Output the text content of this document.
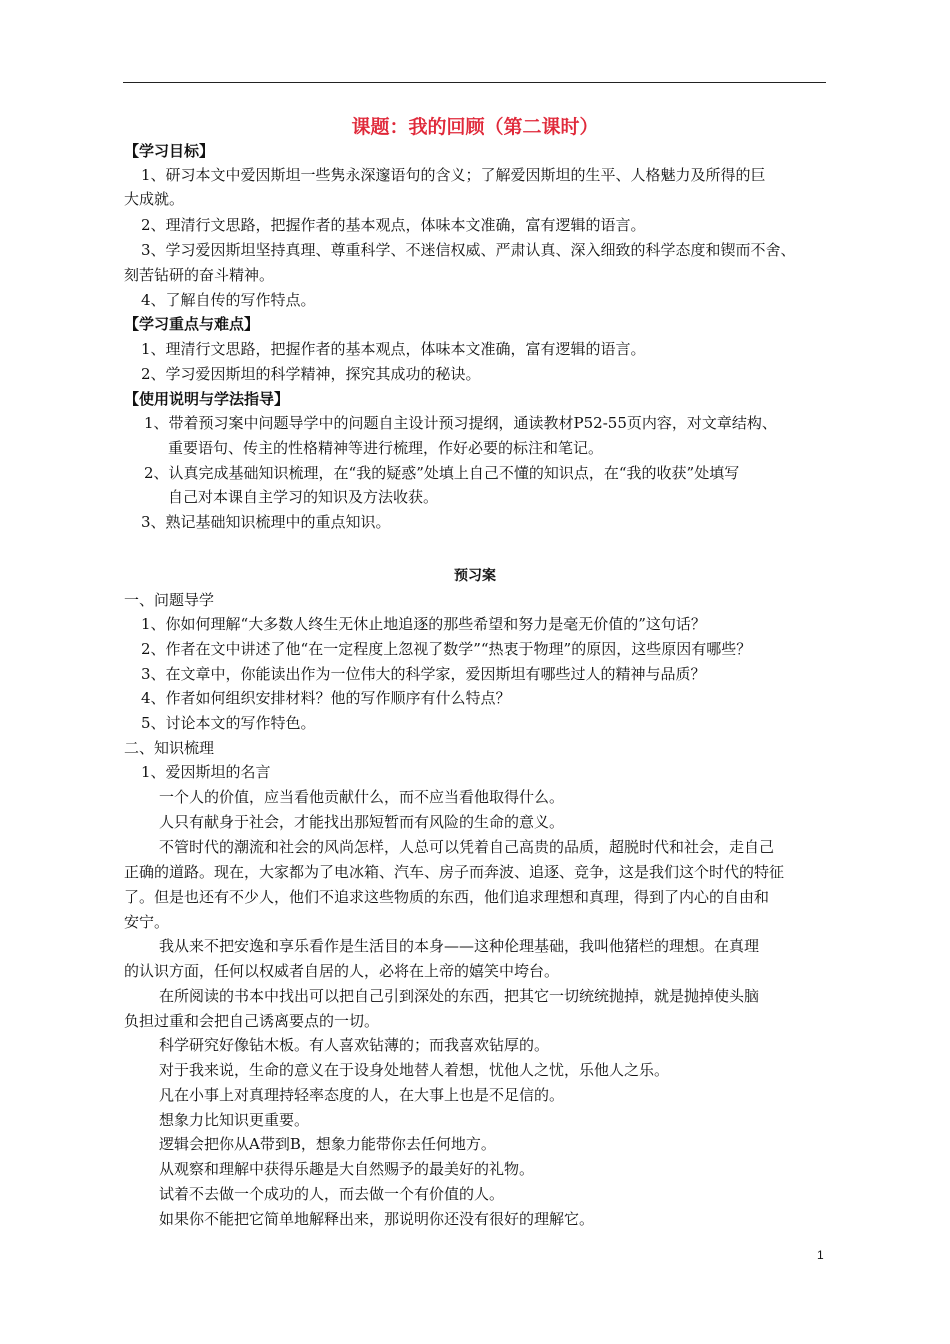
课题：我的回顾（第二课时）
【学习目标】
1、研习本文中爱因斯坦一些隽永深邃语句的含义；了解爱因斯坦的生平、人格魅力及所得的巨
大成就。
2、理清行文思路，把握作者的基本观点，体味本文准确，富有逻辑的语言。
3、学习爱因斯坦坚持真理、尊重科学、不迷信权威、严肃认真、深入细致的科学态度和锲而不舍、
刻苦钻研的奋斗精神。
4、了解自传的写作特点。
【学习重点与难点】
1、理清行文思路，把握作者的基本观点，体味本文准确，富有逻辑的语言。
2、学习爱因斯坦的科学精神，探究其成功的秘诀。
【使用说明与学法指导】
1、带着预习案中问题导学中的问题自主设计预习提纲，通读教材P52-55页内容，对文章结构、
重要语句、传主的性格精神等进行梳理，作好必要的标注和笔记。
2、认真完成基础知识梳理，在“我的疑惑”处填上自己不懂的知识点，在“我的收获”处填写
自己对本课自主学习的知识及方法收获。
3、熟记基础知识梳理中的重点知识。
预习案
一、问题导学
1、你如何理解“大多数人终生无休止地追逐的那些希望和努力是毫无价值的”这句话？
2、作者在文中讲述了他“在一定程度上忽视了数学”“热衷于物理”的原因，这些原因有哪些？
3、在文章中，你能读出作为一位伟大的科学家，爱因斯坦有哪些过人的精神与品质？
4、作者如何组织安排材料？他的写作顺序有什么特点？
5、讨论本文的写作特色。
二、知识梳理
1、爱因斯坦的名言
一个人的价值，应当看他贡献什么，而不应当看他取得什么。
人只有献身于社会，才能找出那短暂而有风险的生命的意义。
不管时代的潮流和社会的风尚怎样，人总可以凭着自己高贵的品质，超脱时代和社会，走自己
正确的道路。现在，大家都为了电冰箱、汽车、房子而奔波、追逐、竞争，这是我们这个时代的特征
了。但是也还有不少人，他们不追求这些物质的东西，他们追求理想和真理，得到了内心的自由和
安宁。
我从来不把安逸和享乐看作是生活目的本身——这种伦理基础，我叫他猪栏的理想。在真理
的认识方面，任何以权威者自居的人，必将在上帝的嬉笑中垮台。
在所阅读的书本中找出可以把自己引到深处的东西，把其它一切统统抛掉，就是抛掉使头脑
负担过重和会把自己诱离要点的一切。
科学研究好像钻木板。有人喜欢钻薄的；而我喜欢钻厚的。
对于我来说，生命的意义在于设身处地替人着想，忧他人之忧，乐他人之乐。
凡在小事上对真理持轻率态度的人，在大事上也是不足信的。
想象力比知识更重要。
逻辑会把你从A带到B，想象力能带你去任何地方。
从观察和理解中获得乐趣是大自然赐予的最美好的礼物。
试着不去做一个成功的人，而去做一个有价值的人。
如果你不能把它简单地解释出来，那说明你还没有很好的理解它。
1
